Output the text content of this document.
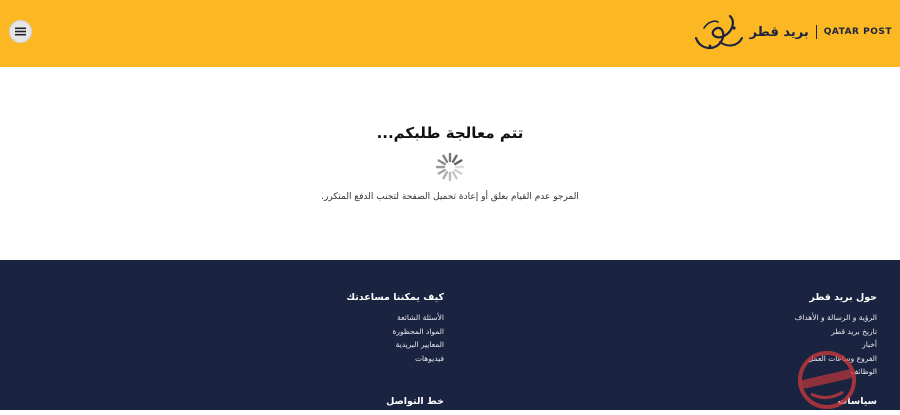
بريد قطر QATAR POST
تتم معالجة طلبكم...
المرجو عدم القيام بعلق أو إعادة تحميل الصفحة لتجنب الدفع المتكرر.
حول بريد قطر
الرؤية و الرسالة و الأهداف
تاريخ بريد قطر
أخبار
الفروع وساعات العمل
الوظائف
كيف يمكننا مساعدتك
الأسئلة الشائعة
المواد المحظورة
المعايير البريدية
فيديوهات
سياسات
خط التواصل
